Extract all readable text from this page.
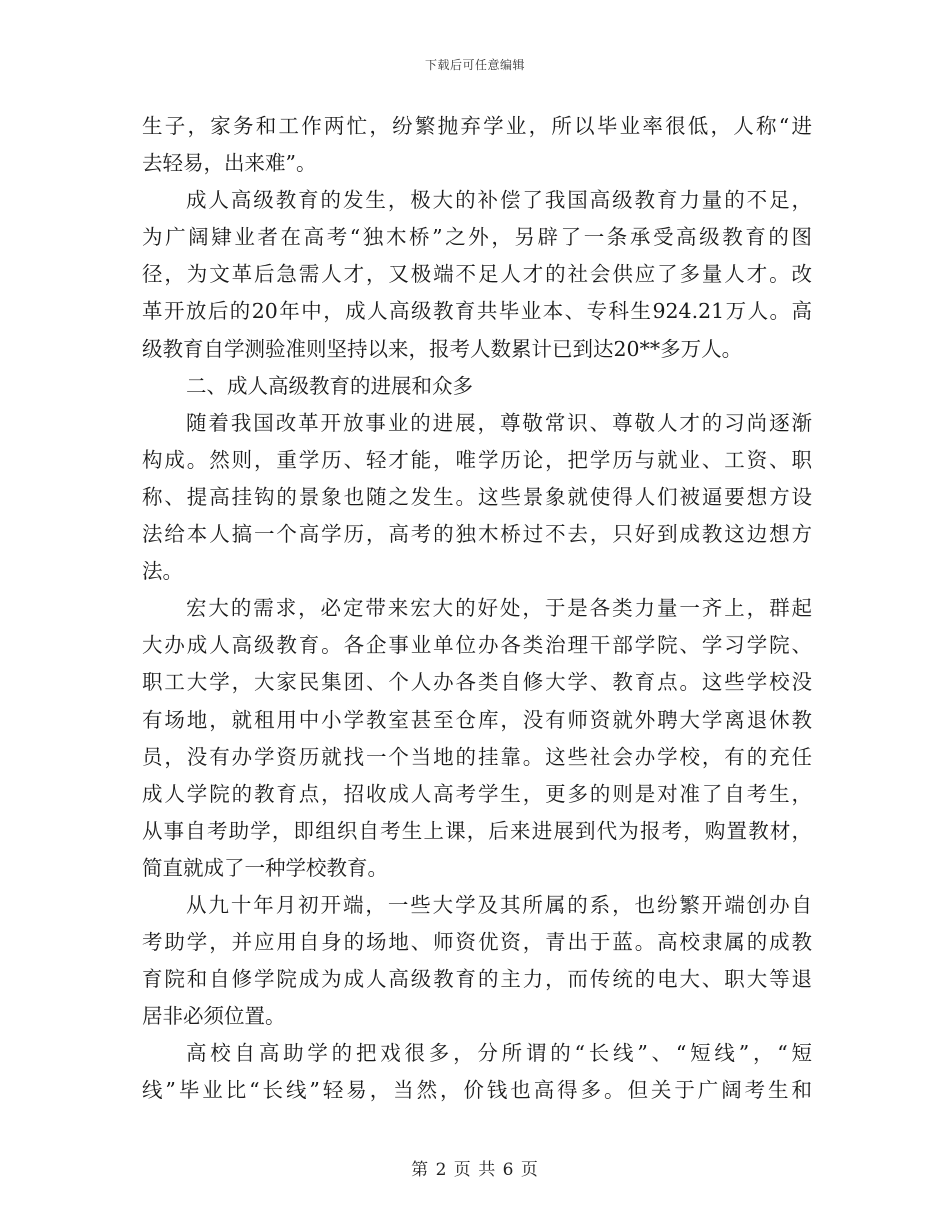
下载后可任意编辑
生子，家务和工作两忙，纷繁抛弃学业，所以毕业率很低，人称“进
去轻易，出来难”。
成人高级教育的发生，极大的补偿了我国高级教育力量的不足，
为广阔肄业者在高考“独木桥”之外，另辟了一条承受高级教育的图
径，为文革后急需人才，又极端不足人才的社会供应了多量人才。改
革开放后的20年中，成人高级教育共毕业本、专科生924.21万人。高
级教育自学测验准则坚持以来，报考人数累计已到达20**多万人。
二、成人高级教育的进展和众多
随着我国改革开放事业的进展，尊敬常识、尊敬人才的习尚逐渐
构成。然则，重学历、轻才能，唯学历论，把学历与就业、工资、职
称、提高挂钩的景象也随之发生。这些景象就使得人们被逼要想方设
法给本人搞一个高学历，高考的独木桥过不去，只好到成教这边想方
法。
宏大的需求，必定带来宏大的好处，于是各类力量一齐上，群起
大办成人高级教育。各企事业单位办各类治理干部学院、学习学院、
职工大学，大家民集团、个人办各类自修大学、教育点。这些学校没
有场地，就租用中小学教室甚至仓库，没有师资就外聘大学离退休教
员，没有办学资历就找一个当地的挂靠。这些社会办学校，有的充任
成人学院的教育点，招收成人高考学生，更多的则是对准了自考生，
从事自考助学，即组织自考生上课，后来进展到代为报考，购置教材，
简直就成了一种学校教育。
从九十年月初开端，一些大学及其所属的系，也纷繁开端创办自
考助学，并应用自身的场地、师资优资，青出于蓝。高校隶属的成教
育院和自修学院成为成人高级教育的主力，而传统的电大、职大等退
居非必须位置。
高校自高助学的把戏很多，分所谓的“长线”、“短线”，“短
线”毕业比“长线”轻易，当然，价钱也高得多。但关于广阔考生和
第 2 页 共 6 页
